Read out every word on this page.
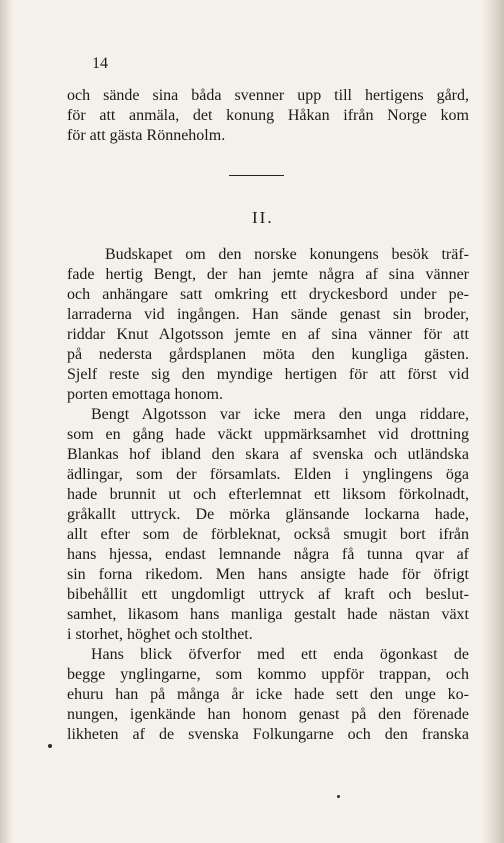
14
och sände sina båda svenner upp till hertigens gård,
för att anmäla, det konung Håkan ifrån Norge kom
för att gästa Rönneholm.
II.
Budskapet om den norske konungens besök träf-
fade hertig Bengt, der han jemte några af sina vänner
och anhängare satt omkring ett dryckesbord under pe-
larraderna vid ingången. Han sände genast sin broder,
riddar Knut Algotsson jemte en af sina vänner för att
på nedersta gårdsplanen möta den kungliga gästen.
Sjelf reste sig den myndige hertigen för att först vid
porten emottaga honom.
Bengt Algotsson var icke mera den unga riddare,
som en gång hade väckt uppmärksamhet vid drottning
Blankas hof ibland den skara af svenska och utländska
ädlingar, som der församlats. Elden i ynglingens öga
hade brunnit ut och efterlemnat ett liksom förkolnadt,
gråkallt uttryck. De mörka glänsande lockarna hade,
allt efter som de förbleknat, också smugit bort ifrån
hans hjessa, endast lemnande några få tunna qvar af
sin forna rikedom. Men hans ansigte hade för öfrigt
bibehållit ett ungdomligt uttryck af kraft och beslut-
samhet, likasom hans manliga gestalt hade nästan växt
i storhet, höghet och stolthet.
Hans blick öfverfor med ett enda ögonkast de
begge ynglingarne, som kommo uppför trappan, och
ehuru han på många år icke hade sett den unge ko-
nungen, igenkände han honom genast på den förenade
likheten af de svenska Folkungarne och den franska
